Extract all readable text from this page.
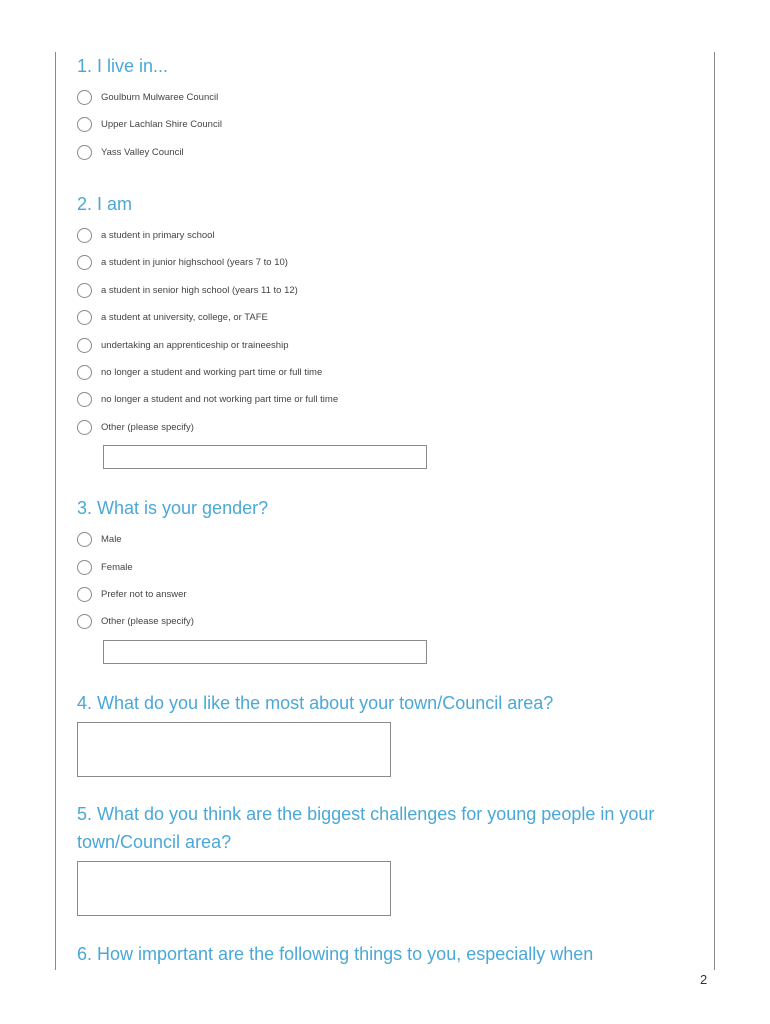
1. I live in...
Goulburn Mulwaree Council
Upper Lachlan Shire Council
Yass Valley Council
2. I am
a student in primary school
a student in junior highschool (years 7 to 10)
a student in senior high school (years 11 to 12)
a student at university, college, or TAFE
undertaking an apprenticeship or traineeship
no longer a student and working part time or full time
no longer a student and not working part time or full time
Other (please specify)
3. What is your gender?
Male
Female
Prefer not to answer
Other (please specify)
4. What do you like the most about your town/Council area?
5. What do you think are the biggest challenges for young people in your town/Council area?
6. How important are the following things to you, especially when
2
